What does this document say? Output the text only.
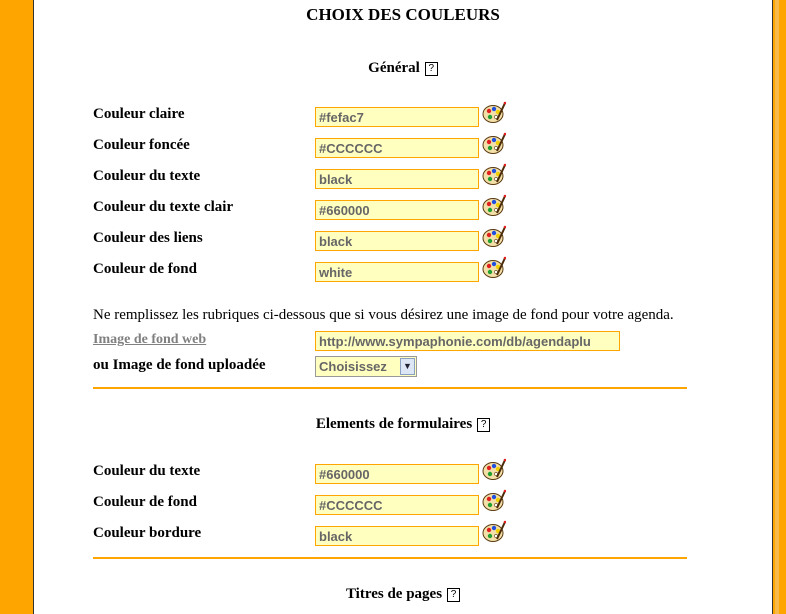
CHOIX DES COULEURS
Général ?
Couleur claire	#fefac7
Couleur foncée	#CCCCCC
Couleur du texte	black
Couleur du texte clair	#660000
Couleur des liens	black
Couleur de fond	white
Ne remplissez les rubriques ci-dessous que si vous désirez une image de fond pour votre agenda.
Image de fond web	http://www.sympaphonie.com/db/agendaplu
ou Image de fond uploadée	Choisissez	▼
Elements de formulaires ?
Couleur du texte	#660000
Couleur de fond	#CCCCCC
Couleur bordure	black
Titres de pages ?
